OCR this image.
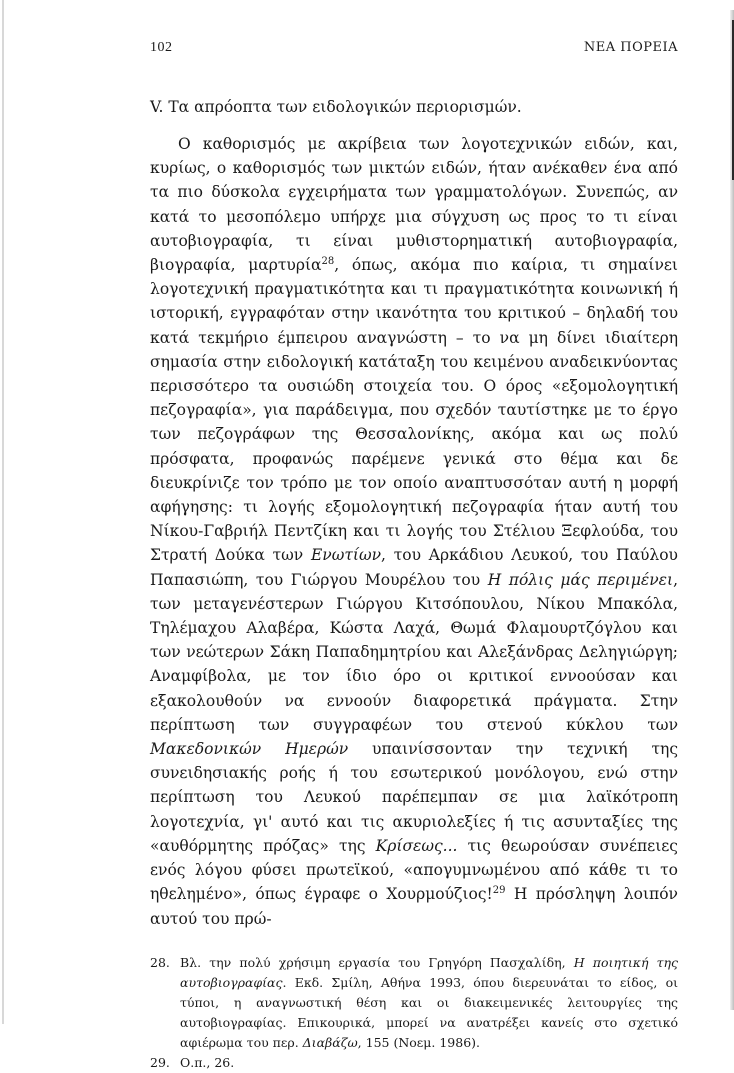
102	ΝΕΑ ΠΟΡΕΙΑ
V. Τα απρόοπτα των ειδολογικών περιορισμών.

Ο καθορισμός με ακρίβεια των λογοτεχνικών ειδών, και, κυρίως, ο καθορισμός των μικτών ειδών, ήταν ανέκαθεν ένα από τα πιο δύσκολα εγχειρήματα των γραμματολόγων. Συνεπώς, αν κατά το μεσοπόλεμο υπήρχε μια σύγχυση ως προς το τι είναι αυτοβιογραφία, τι είναι μυθιστορηματική αυτοβιογραφία, βιογραφία, μαρτυρία$^{28}$, όπως, ακόμα πιο καίρια, τι σημαίνει λογοτεχνική πραγματικότητα και τι πραγματικότητα κοινωνική ή ιστορική, εγγραφόταν στην ικανότητα του κριτικού – δηλαδή του κατά τεκμήριο έμπειρου αναγνώστη – το να μη δίνει ιδιαίτερη σημασία στην ειδολογική κατάταξη του κειμένου αναδεικνύοντας περισσότερο τα ουσιώδη στοιχεία του. Ο όρος «εξομολογητική πεζογραφία», για παράδειγμα, που σχεδόν ταυτίστηκε με το έργο των πεζογράφων της Θεσσαλονίκης, ακόμα και ως πολύ πρόσφατα, προφανώς παρέμενε γενικά στο θέμα και δε διευκρίνιζε τον τρόπο με τον οποίο αναπτυσσόταν αυτή η μορφή αφήγησης: τι λογής εξομολογητική πεζογραφία ήταν αυτή του Νίκου-Γαβριήλ Πεντζίκη και τι λογής του Στέλιου Ξεφλούδα, του Στρατή Δούκα των Ενωτίων, του Αρκάδιου Λευκού, του Παύλου Παπασιώπη, του Γιώργου Μουρέλου του Η πόλις μάς περιμένει, των μεταγενέστερων Γιώργου Κιτσόπουλου, Νίκου Μπακόλα, Τηλέμαχου Αλαβέρα, Κώστα Λαχά, Θωμά Φλαμουρτζόγλου και των νεώτερων Σάκη Παπαδημητρίου και Αλεξάνδρας Δεληγιώργη; Αναμφίβολα, με τον ίδιο όρο οι κριτικοί εννοούσαν και εξακολουθούν να εννοούν διαφορετικά πράγματα. Στην περίπτωση των συγγραφέων του στενού κύκλου των Μακεδονικών Ημερών υπαινίσσονταν την τεχνική της συνειδησιακής ροής ή του εσωτερικού μονόλογου, ενώ στην περίπτωση του Λευκού παρέπεμπαν σε μια λαϊκότροπη λογοτεχνία, γι' αυτό και τις ακυριολεξίες ή τις ασυνταξίες της «αυθόρμητης πρόζας» της Κρίσεως... τις θεωρούσαν συνέπειες ενός λόγου φύσει πρωτεϊκού, «απογυμνωμένου από κάθε τι το ηθελημένο», όπως έγραφε ο Χουρμούζιος!$^{29}$ Η πρόσληψη λοιπόν αυτού του πρώ-

28. Βλ. την πολύ χρήσιμη εργασία του Γρηγόρη Πασχαλίδη, Η ποιητική της αυτοβιογραφίας. Εκδ. Σμίλη, Αθήνα 1993, όπου διερευνάται το είδος, οι τύποι, η αναγνωστική θέση και οι διακειμενικές λειτουργίες της αυτοβιογραφίας. Επικουρικά, μπορεί να ανατρέξει κανείς στο σχετικό αφιέρωμα του περ. Διαβάζω, 155 (Νοεμ. 1986).
29. Ο.π., 26.
